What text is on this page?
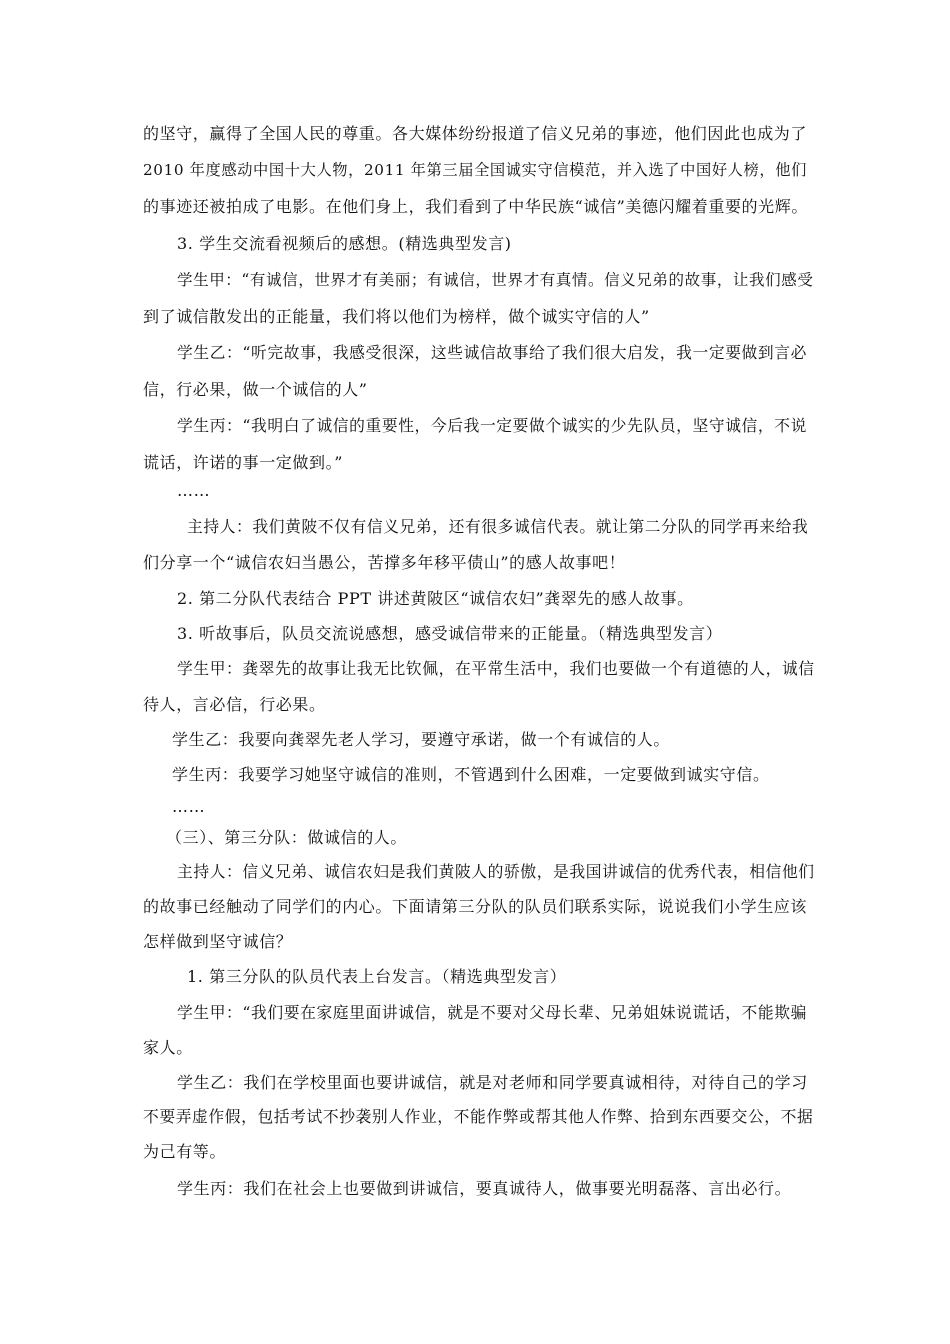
的坚守，赢得了全国人民的尊重。各大媒体纷纷报道了信义兄弟的事迹，他们因此也成为了
2010 年度感动中国十大人物，2011 年第三届全国诚实守信模范，并入选了中国好人榜，他们
的事迹还被拍成了电影。在他们身上，我们看到了中华民族“诚信”美德闪耀着重要的光辉。
3. 学生交流看视频后的感想。(精选典型发言)
学生甲：“有诚信，世界才有美丽；有诚信，世界才有真情。信义兄弟的故事，让我们感受
到了诚信散发出的正能量，我们将以他们为榜样，做个诚实守信的人”
学生乙：“听完故事，我感受很深，这些诚信故事给了我们很大启发，我一定要做到言必
信，行必果，做一个诚信的人”
学生丙：“我明白了诚信的重要性，今后我一定要做个诚实的少先队员，坚守诚信，不说
谎话，许诺的事一定做到。”
……
主持人：我们黄陂不仅有信义兄弟，还有很多诚信代表。就让第二分队的同学再来给我
们分享一个“诚信农妇当愚公，苦撑多年移平债山”的感人故事吧！
2. 第二分队代表结合 PPT 讲述黄陂区“诚信农妇”龚翠先的感人故事。
3. 听故事后，队员交流说感想，感受诚信带来的正能量。（精选典型发言）
学生甲：龚翠先的故事让我无比钦佩，在平常生活中，我们也要做一个有道德的人，诚信
待人，言必信，行必果。
学生乙：我要向龚翠先老人学习，要遵守承诺，做一个有诚信的人。
学生丙：我要学习她坚守诚信的准则，不管遇到什么困难，一定要做到诚实守信。
……
（三）、第三分队：做诚信的人。
主持人：信义兄弟、诚信农妇是我们黄陂人的骄傲，是我国讲诚信的优秀代表，相信他们
的故事已经触动了同学们的内心。下面请第三分队的队员们联系实际，说说我们小学生应该
怎样做到坚守诚信？
1. 第三分队的队员代表上台发言。（精选典型发言）
学生甲：“我们要在家庭里面讲诚信，就是不要对父母长辈、兄弟姐妹说谎话，不能欺骗
家人。
学生乙：我们在学校里面也要讲诚信，就是对老师和同学要真诚相待，对待自己的学习
不要弄虚作假，包括考试不抄袭别人作业，不能作弊或帮其他人作弊、拾到东西要交公，不据
为己有等。
学生丙：我们在社会上也要做到讲诚信，要真诚待人，做事要光明磊落、言出必行。
